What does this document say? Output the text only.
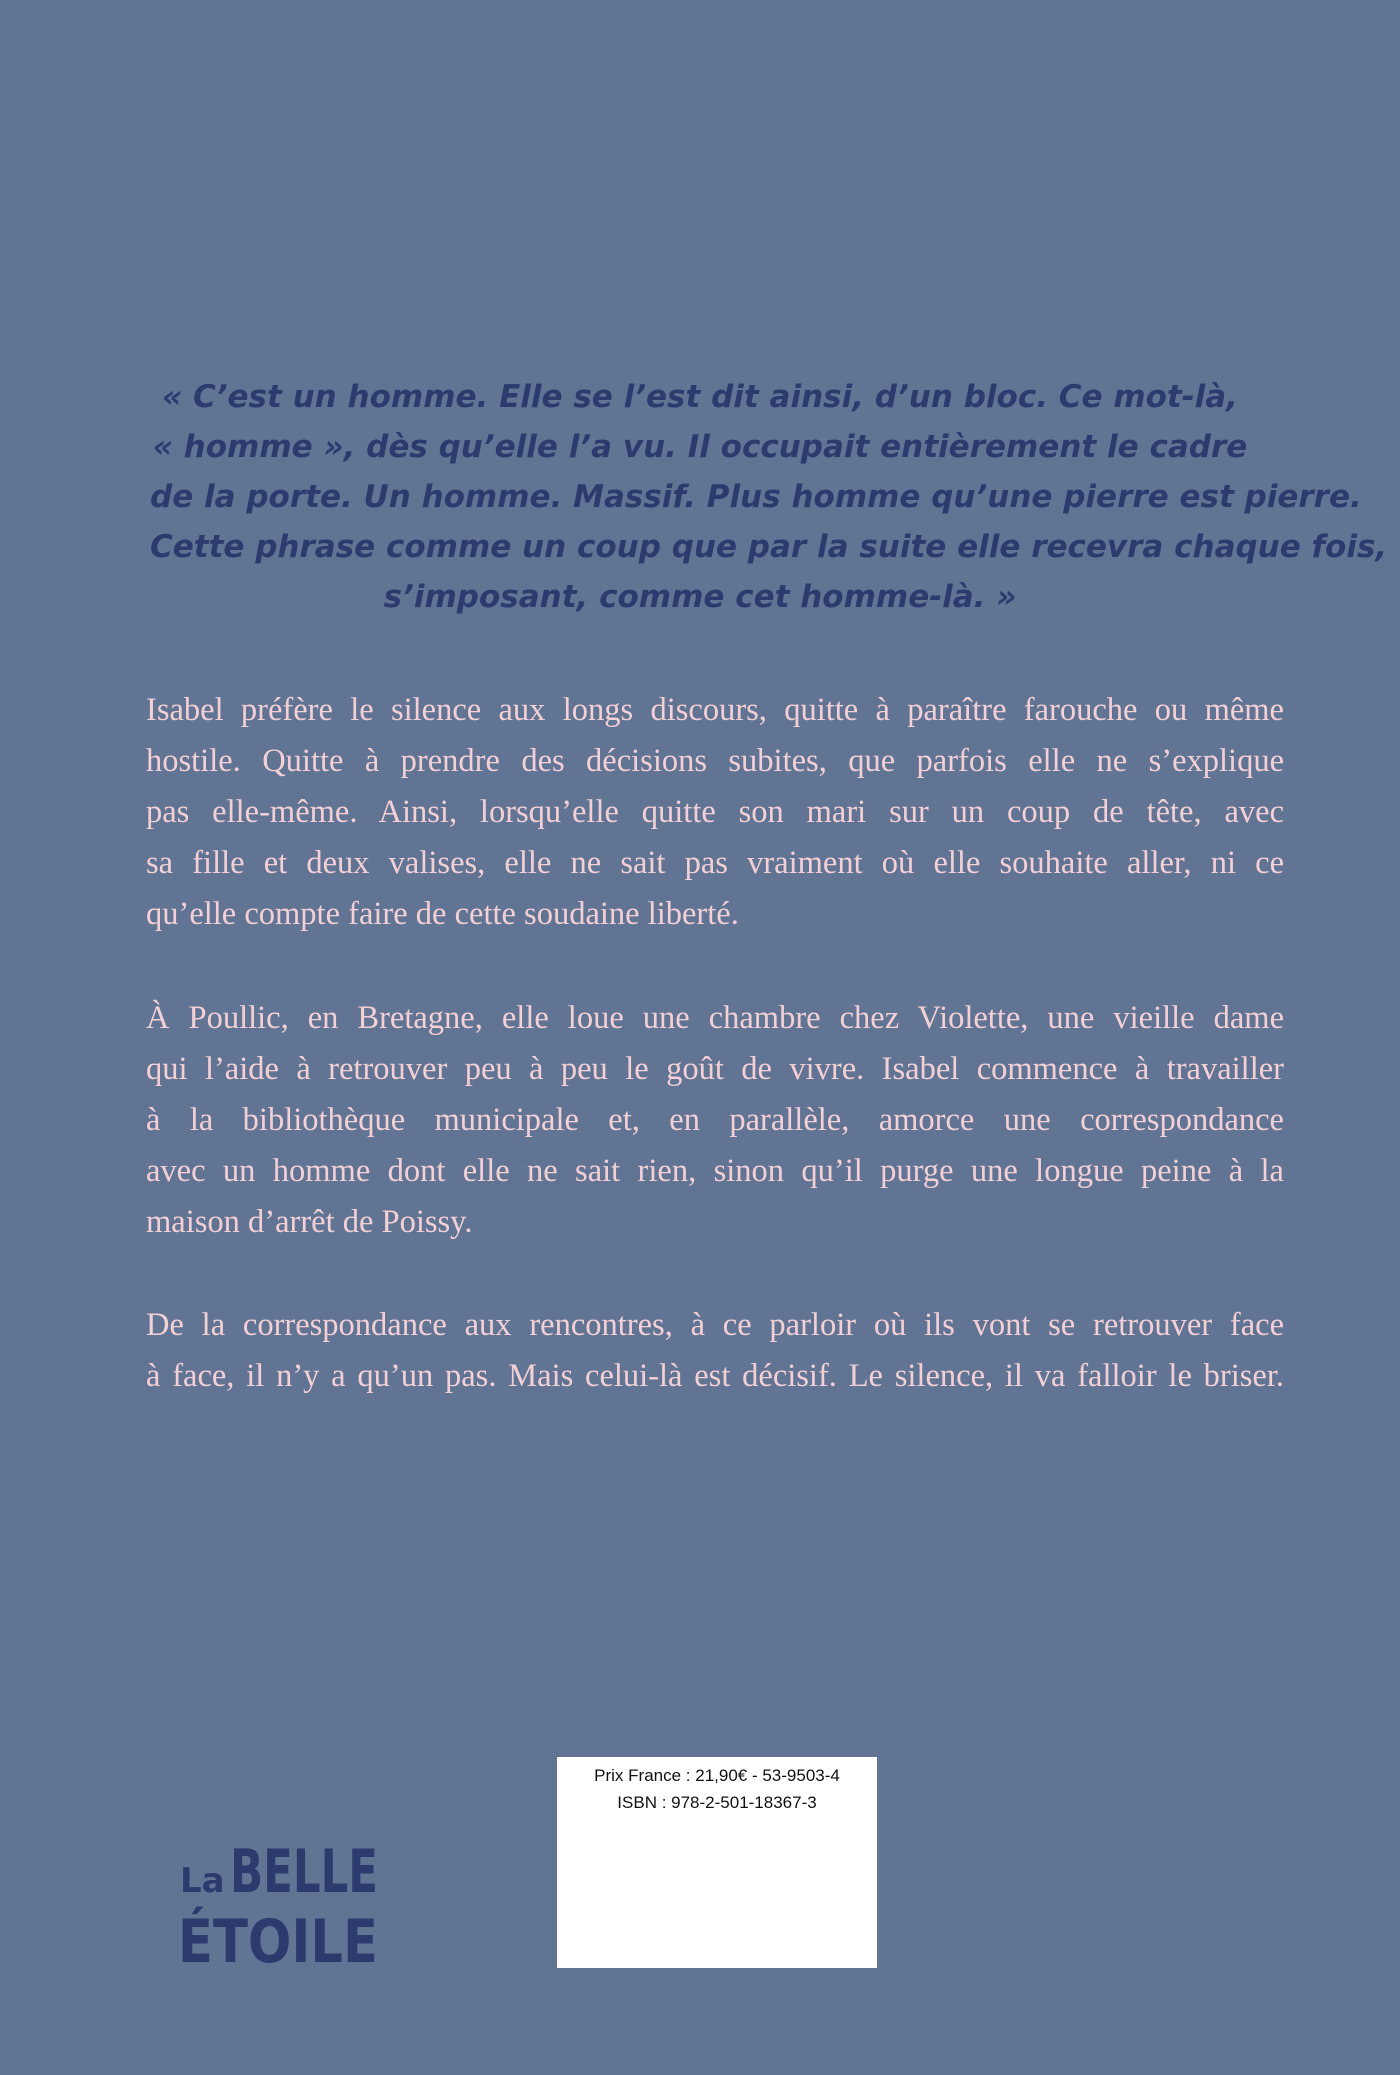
« C’est un homme. Elle se l’est dit ainsi, d’un bloc. Ce mot-là,
« homme », dès qu’elle l’a vu. Il occupait entièrement le cadre
de la porte. Un homme. Massif. Plus homme qu’une pierre est pierre.
Cette phrase comme un coup que par la suite elle recevra chaque fois,
s’imposant, comme cet homme-là. »
Isabel préfère le silence aux longs discours, quitte à paraître farouche ou même
hostile. Quitte à prendre des décisions subites, que parfois elle ne s’explique
pas elle-même. Ainsi, lorsqu’elle quitte son mari sur un coup de tête, avec
sa fille et deux valises, elle ne sait pas vraiment où elle souhaite aller, ni ce
qu’elle compte faire de cette soudaine liberté.
À Poullic, en Bretagne, elle loue une chambre chez Violette, une vieille dame
qui l’aide à retrouver peu à peu le goût de vivre. Isabel commence à travailler
à la bibliothèque municipale et, en parallèle, amorce une correspondance
avec un homme dont elle ne sait rien, sinon qu’il purge une longue peine à la
maison d’arrêt de Poissy.
De la correspondance aux rencontres, à ce parloir où ils vont se retrouver face
à face, il n’y a qu’un pas. Mais celui-là est décisif. Le silence, il va falloir le briser.
La BELLE
ÉTOILE
Prix France : 21,90€ - 53-9503-4
ISBN : 978-2-501-18367-3
